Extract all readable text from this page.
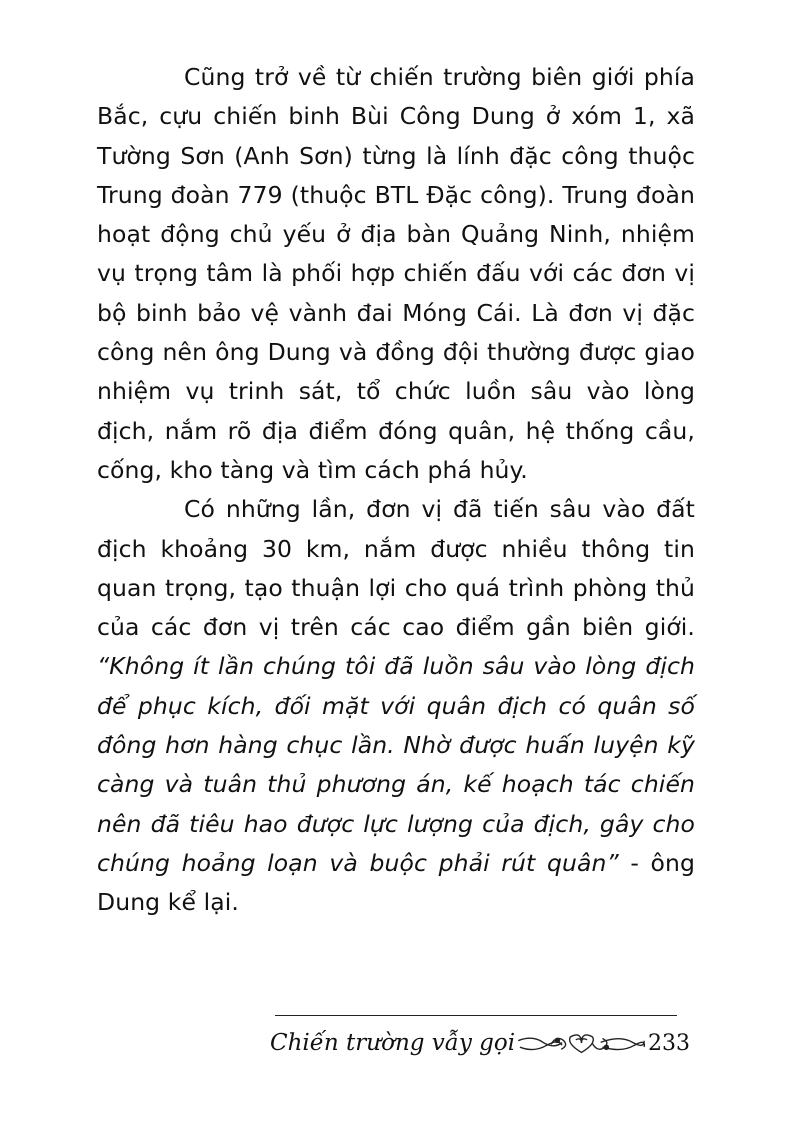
Cũng trở về từ chiến trường biên giới phía Bắc, cựu chiến binh Bùi Công Dung ở xóm 1, xã Tường Sơn (Anh Sơn) từng là lính đặc công thuộc Trung đoàn 779 (thuộc BTL Đặc công). Trung đoàn hoạt động chủ yếu ở địa bàn Quảng Ninh, nhiệm vụ trọng tâm là phối hợp chiến đấu với các đơn vị bộ binh bảo vệ vành đai Móng Cái. Là đơn vị đặc công nên ông Dung và đồng đội thường được giao nhiệm vụ trinh sát, tổ chức luồn sâu vào lòng địch, nắm rõ địa điểm đóng quân, hệ thống cầu, cống, kho tàng và tìm cách phá hủy.

Có những lần, đơn vị đã tiến sâu vào đất địch khoảng 30 km, nắm được nhiều thông tin quan trọng, tạo thuận lợi cho quá trình phòng thủ của các đơn vị trên các cao điểm gần biên giới. “Không ít lần chúng tôi đã luồn sâu vào lòng địch để phục kích, đối mặt với quân địch có quân số đông hơn hàng chục lần. Nhờ được huấn luyện kỹ càng và tuân thủ phương án, kế hoạch tác chiến nên đã tiêu hao được lực lượng của địch, gây cho chúng hoảng loạn và buộc phải rút quân” - ông Dung kể lại.

Chiến trường vẫy gọi	233
